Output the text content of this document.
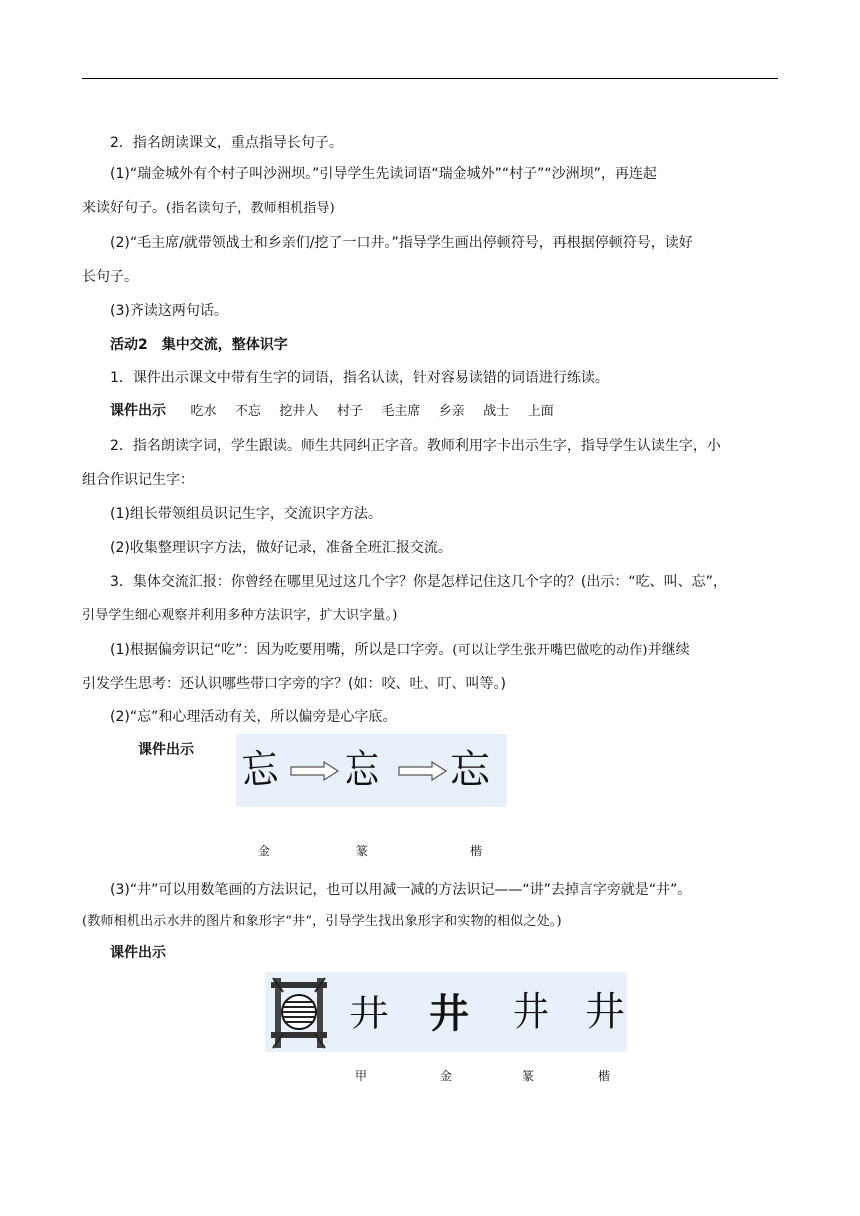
2．指名朗读课文，重点指导长句子。
(1)“瑞金城外有个村子叫沙洲坝。”引导学生先读词语“瑞金城外”“村子”“沙洲坝”，再连起
来读好句子。(指名读句子，教师相机指导)
(2)“毛主席/就带领战士和乡亲们/挖了一口井。”指导学生画出停顿符号，再根据停顿符号，读好
长句子。
(3)齐读这两句话。
活动2　集中交流，整体识字
1．课件出示课文中带有生字的词语，指名认读，针对容易读错的词语进行练读。
课件出示 吃水 不忘 挖井人 村子 毛主席 乡亲 战士 上面
2．指名朗读字词，学生跟读。师生共同纠正字音。教师利用字卡出示生字，指导学生认读生字，小
组合作识记生字：
(1)组长带领组员识记生字，交流识字方法。
(2)收集整理识字方法，做好记录，准备全班汇报交流。
3．集体交流汇报：你曾经在哪里见过这几个字？你是怎样记住这几个字的？(出示：“吃、叫、忘”，
引导学生细心观察并利用多种方法识字，扩大识字量。)
(1)根据偏旁识记“吃”：因为吃要用嘴，所以是口字旁。(可以让学生张开嘴巴做吃的动作)并继续
引发学生思考：还认识哪些带口字旁的字？(如：咬、吐、叮、叫等。)
(2)“忘”和心理活动有关，所以偏旁是心字底。
课件出示	忘 忘 忘
金	篆	楷
(3)“井”可以用数笔画的方法识记，也可以用减一减的方法识记——“讲”去掉言字旁就是“井”。
(教师相机出示水井的图片和象形字“井”，引导学生找出象形字和实物的相似之处。)
课件出示
井 井 井 井
甲	金	篆	楷
